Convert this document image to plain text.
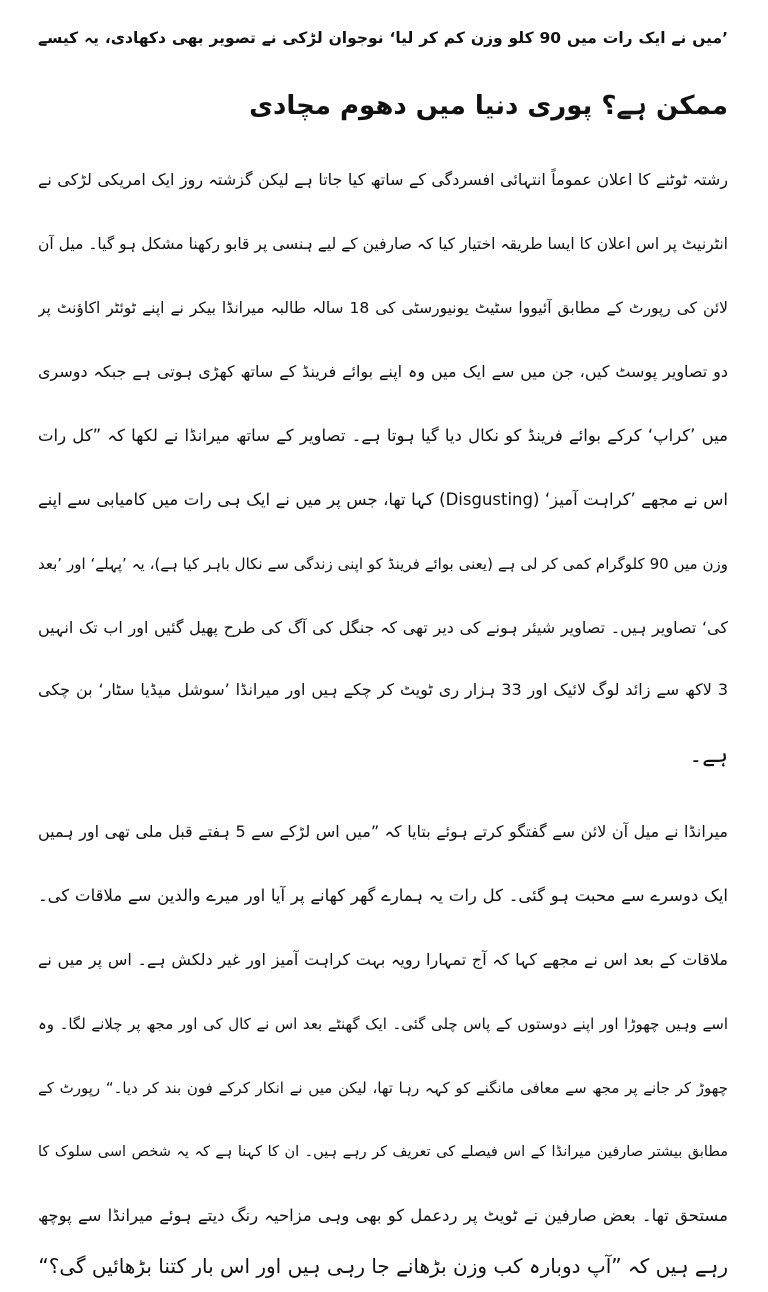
’میں نے ایک رات میں 90 کلو وزن کم کر لیا‘ نوجوان لڑکی نے تصویر بھی دکھادی، یہ کیسے
ممکن ہے؟ پوری دنیا میں دھوم مچادی
رشتہ ٹوٹنے کا اعلان عموماً انتہائی افسردگی کے ساتھ کیا جاتا ہے لیکن گزشتہ روز ایک امریکی لڑکی نے
انٹرنیٹ پر اس اعلان کا ایسا طریقہ اختیار کیا کہ صارفین کے لیے ہنسی پر قابو رکھنا مشکل ہو گیا۔ میل آن
لائن کی رپورٹ کے مطابق آئیووا سٹیٹ یونیورسٹی کی 18 سالہ طالبہ میرانڈا بیکر نے اپنے ٹوئٹر اکاؤنٹ پر
دو تصاویر پوسٹ کیں، جن میں سے ایک میں وہ اپنے بوائے فرینڈ کے ساتھ کھڑی ہوتی ہے جبکہ دوسری
میں ’کراپ‘ کرکے بوائے فرینڈ کو نکال دیا گیا ہوتا ہے۔ تصاویر کے ساتھ میرانڈا نے لکھا کہ ”کل رات
اس نے مجھے ’کراہت آمیز‘ (Disgusting) کہا تھا، جس پر میں نے ایک ہی رات میں کامیابی سے اپنے
وزن میں 90 کلوگرام کمی کر لی ہے (یعنی بوائے فرینڈ کو اپنی زندگی سے نکال باہر کیا ہے)، یہ ’پہلے‘ اور ’بعد
کی‘ تصاویر ہیں۔ تصاویر شیئر ہونے کی دیر تھی کہ جنگل کی آگ کی طرح پھیل گئیں اور اب تک انہیں
3 لاکھ سے زائد لوگ لائیک اور 33 ہزار ری ٹویٹ کر چکے ہیں اور میرانڈا ’سوشل میڈیا سٹار‘ بن چکی
ہے۔
میرانڈا نے میل آن لائن سے گفتگو کرتے ہوئے بتایا کہ ”میں اس لڑکے سے 5 ہفتے قبل ملی تھی اور ہمیں
ایک دوسرے سے محبت ہو گئی۔ کل رات یہ ہمارے گھر کھانے پر آیا اور میرے والدین سے ملاقات کی۔
ملاقات کے بعد اس نے مجھے کہا کہ آج تمہارا رویہ بہت کراہت آمیز اور غیر دلکش ہے۔ اس پر میں نے
اسے وہیں چھوڑا اور اپنے دوستوں کے پاس چلی گئی۔ ایک گھنٹے بعد اس نے کال کی اور مجھ پر چلانے لگا۔ وہ
چھوڑ کر جانے پر مجھ سے معافی مانگنے کو کہہ رہا تھا، لیکن میں نے انکار کرکے فون بند کر دیا۔“ رپورٹ کے
مطابق بیشتر صارفین میرانڈا کے اس فیصلے کی تعریف کر رہے ہیں۔ ان کا کہنا ہے کہ یہ شخص اسی سلوک کا
مستحق تھا۔ بعض صارفین نے ٹویٹ پر ردعمل کو بھی وہی مزاحیہ رنگ دیتے ہوئے میرانڈا سے پوچھ
رہے ہیں کہ ”آپ دوبارہ کب وزن بڑھانے جا رہی ہیں اور اس بار کتنا بڑھائیں گی؟“
